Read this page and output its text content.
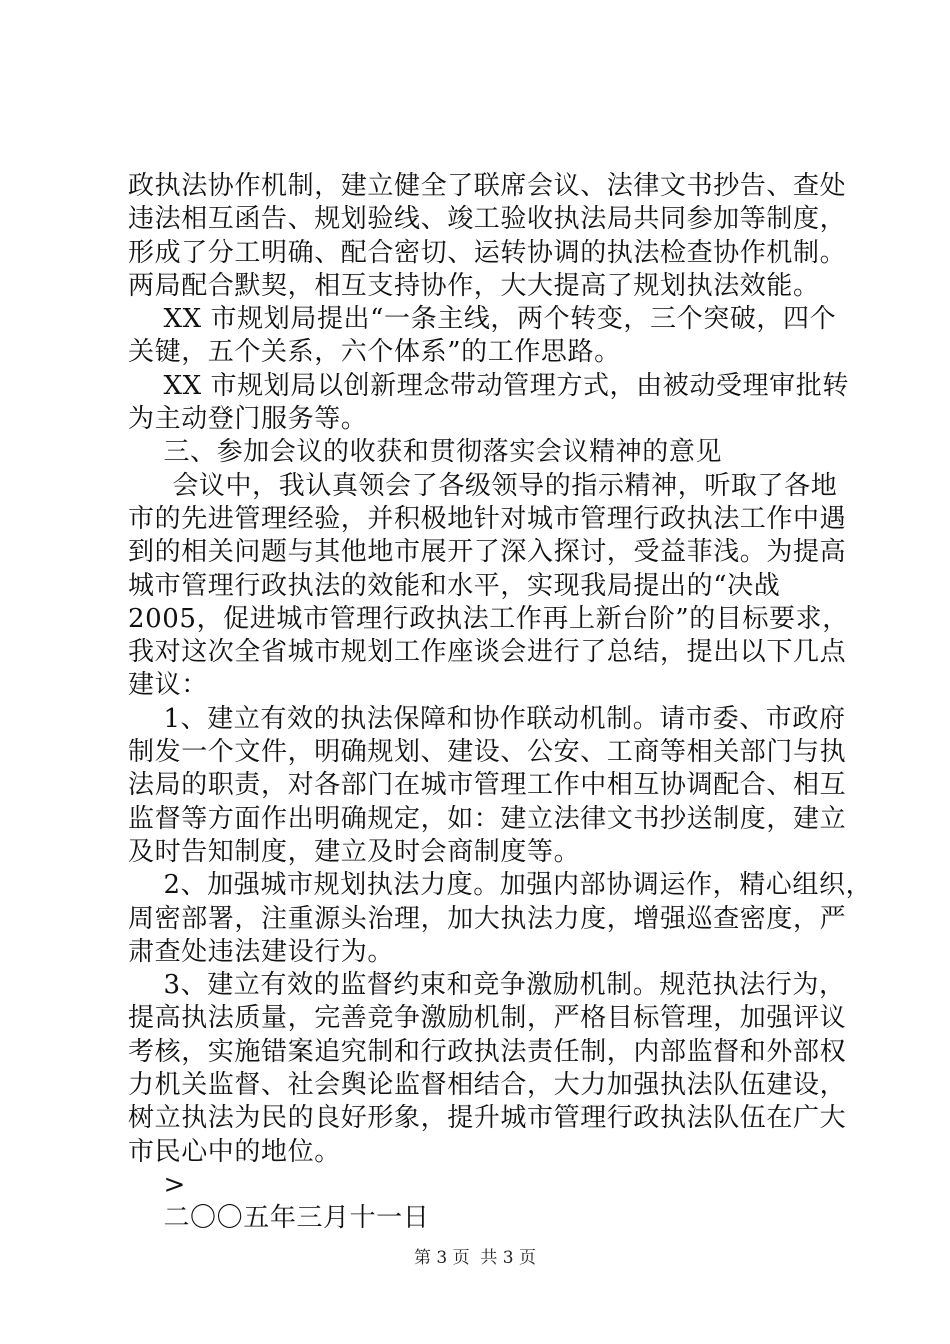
政执法协作机制，建立健全了联席会议、法律文书抄告、查处
违法相互函告、规划验线、竣工验收执法局共同参加等制度，
形成了分工明确、配合密切、运转协调的执法检查协作机制。
两局配合默契，相互支持协作，大大提高了规划执法效能。
XX 市规划局提出“一条主线，两个转变，三个突破，四个
关键，五个关系，六个体系”的工作思路。
XX 市规划局以创新理念带动管理方式，由被动受理审批转
为主动登门服务等。
三、参加会议的收获和贯彻落实会议精神的意见
会议中，我认真领会了各级领导的指示精神，听取了各地
市的先进管理经验，并积极地针对城市管理行政执法工作中遇
到的相关问题与其他地市展开了深入探讨，受益菲浅。为提高
城市管理行政执法的效能和水平，实现我局提出的“决战
2005，促进城市管理行政执法工作再上新台阶”的目标要求，
我对这次全省城市规划工作座谈会进行了总结，提出以下几点
建议：
1、建立有效的执法保障和协作联动机制。请市委、市政府
制发一个文件，明确规划、建设、公安、工商等相关部门与执
法局的职责，对各部门在城市管理工作中相互协调配合、相互
监督等方面作出明确规定，如：建立法律文书抄送制度，建立
及时告知制度，建立及时会商制度等。
2、加强城市规划执法力度。加强内部协调运作，精心组织，
周密部署，注重源头治理，加大执法力度，增强巡查密度，严
肃查处违法建设行为。
3、建立有效的监督约束和竞争激励机制。规范执法行为，
提高执法质量，完善竞争激励机制，严格目标管理，加强评议
考核，实施错案追究制和行政执法责任制，内部监督和外部权
力机关监督、社会舆论监督相结合，大力加强执法队伍建设，
树立执法为民的良好形象，提升城市管理行政执法队伍在广大
市民心中的地位。
>
二〇〇五年三月十一日
第 3 页  共 3 页
